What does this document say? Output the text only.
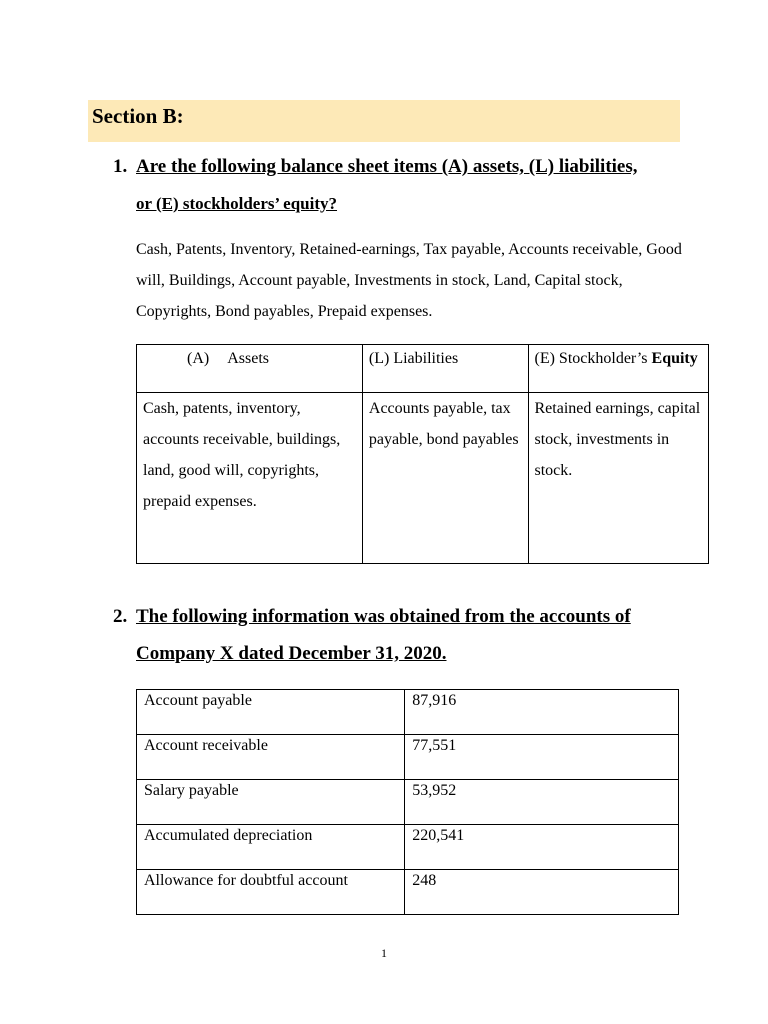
Section B:
1. Are the following balance sheet items (A) assets, (L) liabilities,

or (E) stockholders’ equity?

Cash, Patents, Inventory, Retained-earnings, Tax payable, Accounts receivable, Good will, Buildings, Account payable, Investments in stock, Land, Capital stock, Copyrights, Bond payables, Prepaid expenses.

(A) Assets	(L) Liabilities	(E) Stockholder’s Equity
Cash, patents, inventory, accounts receivable, buildings, land, good will, copyrights, prepaid expenses.	Accounts payable, tax payable, bond payables	Retained earnings, capital stock, investments in stock.
2. The following information was obtained from the accounts of

Company X dated December 31, 2020.

Account payable	87,916
Account receivable	77,551
Salary payable	53,952
Accumulated depreciation	220,541
Allowance for doubtful account	248
1
